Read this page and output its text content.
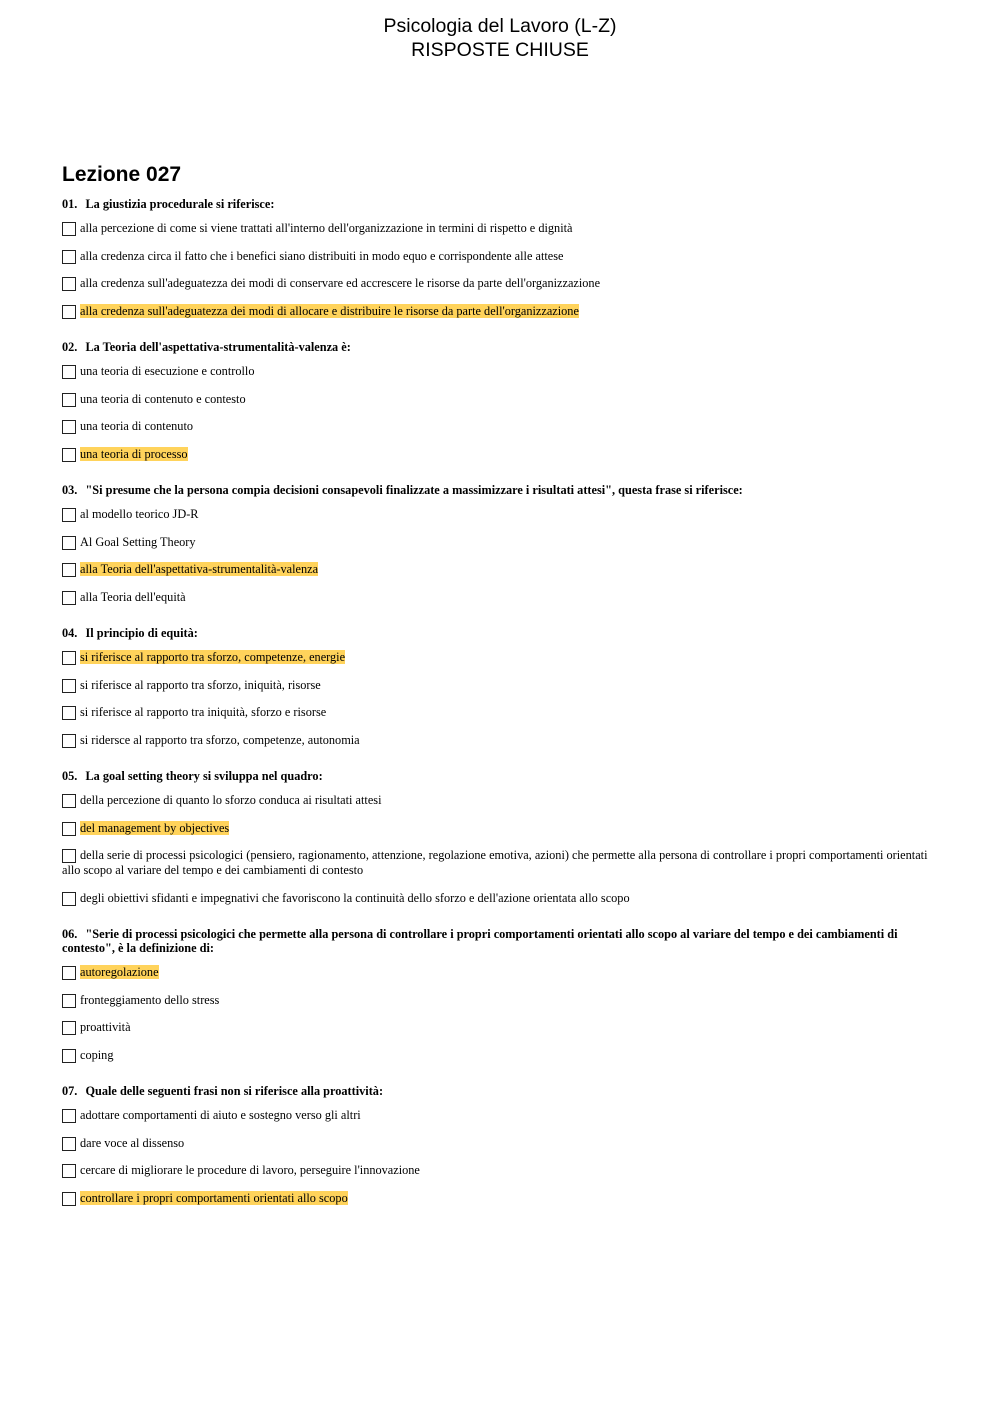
Psicologia del Lavoro (L-Z)
RISPOSTE CHIUSE
Lezione 027
01. La giustizia procedurale si riferisce:
alla percezione di come si viene trattati all'interno dell'organizzazione in termini di rispetto e dignità
alla credenza circa il fatto che i benefici siano distribuiti in modo equo e corrispondente alle attese
alla credenza sull'adeguatezza dei modi di conservare ed accrescere le risorse da parte dell'organizzazione
alla credenza sull'adeguatezza dei modi di allocare e distribuire le risorse da parte dell'organizzazione
02. La Teoria dell'aspettativa-strumentalità-valenza è:
una teoria di esecuzione e controllo
una teoria di contenuto e contesto
una teoria di contenuto
una teoria di processo
03. "Si presume che la persona compia decisioni consapevoli finalizzate a massimizzare i risultati attesi", questa frase si riferisce:
al modello teorico JD-R
Al Goal Setting Theory
alla Teoria dell'aspettativa-strumentalità-valenza
alla Teoria dell'equità
04. Il principio di equità:
si riferisce al rapporto tra sforzo, competenze, energie
si riferisce al rapporto tra sforzo, iniquità, risorse
si riferisce al rapporto tra iniquità, sforzo e risorse
si ridersce al rapporto tra sforzo, competenze, autonomia
05. La goal setting theory si sviluppa nel quadro:
della percezione di quanto lo sforzo conduca ai risultati attesi
del management by objectives
della serie di processi psicologici (pensiero, ragionamento, attenzione, regolazione emotiva, azioni) che permette alla persona di controllare i propri comportamenti orientati allo scopo al variare del tempo e dei cambiamenti di contesto
degli obiettivi sfidanti e impegnativi che favoriscono la continuità dello sforzo e dell'azione orientata allo scopo
06. "Serie di processi psicologici che permette alla persona di controllare i propri comportamenti orientati allo scopo al variare del tempo e dei cambiamenti di contesto", è la definizione di:
autoregolazione
fronteggiamento dello stress
proattività
coping
07. Quale delle seguenti frasi non si riferisce alla proattività:
adottare comportamenti di aiuto e sostegno verso gli altri
dare voce al dissenso
cercare di migliorare le procedure di lavoro, perseguire l'innovazione
controllare i propri comportamenti orientati allo scopo
